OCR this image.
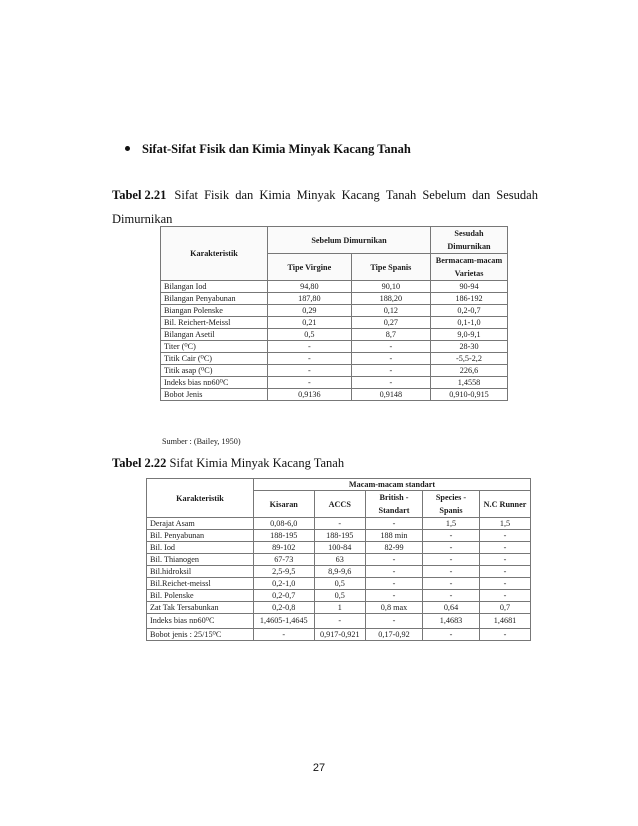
Sifat-Sifat Fisik dan Kimia Minyak Kacang Tanah
Tabel 2.21 Sifat Fisik dan Kimia Minyak Kacang Tanah Sebelum dan Sesudah
Dimurnikan
Karakteristik	Sebelum Dimurnikan		Sesudah Dimurnikan
	Tipe Virgine	Tipe Spanis	Bermacam-macam Varietas
Bilangan Iod	94,80	90,10	90-94
Bilangan Penyabunan	187,80	188,20	186-192
Biangan Polenske	0,29	0,12	0,2-0,7
Bil. Reichert-Meissl	0,21	0,27	0,1-1,0
Bilangan Asetil	0,5	8,7	9,0-9,1
Titer (⁰C)	-	-	28-30
Titik Cair (⁰C)	-	-	-5,5-2,2
Titik asap (⁰C)	-	-	226,6
Indeks bias nᴅ60⁰C	-	-	1,4558
Bobot Jenis	0,9136	0,9148	0,910-0,915
Sumber : (Bailey, 1950)
Tabel 2.22 Sifat Kimia Minyak Kacang Tanah
Karakteristik	Macam-macam standart				
	Kisaran	ACCS	British - Standart	Species - Spanis	N.C Runner
Derajat Asam	0,08-6,0	-	-	1,5	1,5
Bil. Penyabunan	188-195	188-195	188 min	-	-
Bil. Iod	89-102	100-84	82-99	-	-
Bil. Thianogen	67-73	63	-	-	-
Bil.hidroksil	2,5-9,5	8,9-9,6	-	-	-
Bil.Reichet-meissl	0,2-1,0	0,5	-	-	-
Bil. Polenske	0,2-0,7	0,5	-	-	-
Zat Tak Tersabunkan	0,2-0,8	1	0,8 max	0,64	0,7
Indeks bias nᴅ60⁰C	1,4605-1,4645	-	-	1,4683	1,4681
Bobot jenis : 25/15⁰C	-	0,917-0,921	0,17-0,92	-	-
27
